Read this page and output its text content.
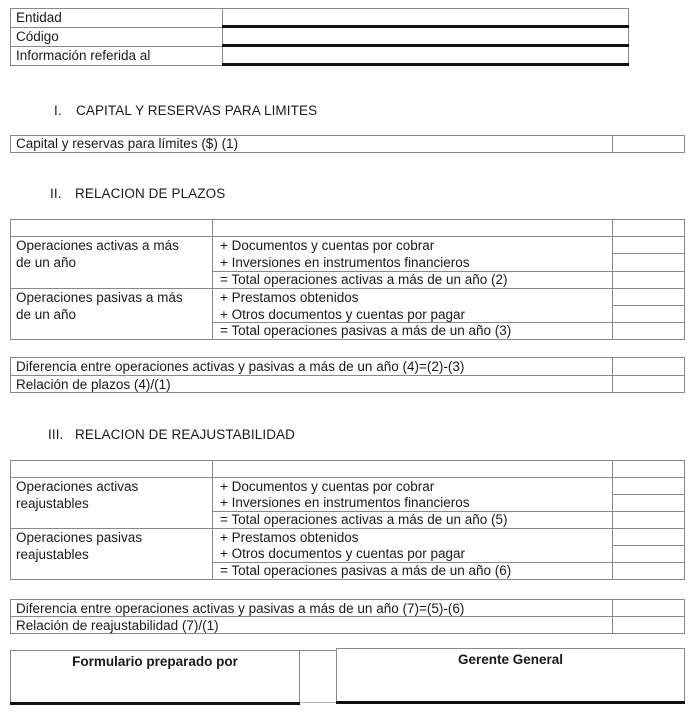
Entidad
Código
Información referida al
I. CAPITAL Y RESERVAS PARA LIMITES
Capital y reservas para límites ($) (1)
II. RELACION DE PLAZOS
Operaciones activas a más
de un año
+ Documentos y cuentas por cobrar
+ Inversiones en instrumentos financieros
= Total operaciones activas a más de un año (2)
Operaciones pasivas a más
de un año
+ Prestamos obtenidos
+ Otros documentos y cuentas por pagar
= Total operaciones pasivas a más de un año (3)
Diferencia entre operaciones activas y pasivas a más de un año (4)=(2)-(3)
Relación de plazos (4)/(1)
III. RELACION DE REAJUSTABILIDAD
Operaciones activas
reajustables
+ Documentos y cuentas por cobrar
+ Inversiones en instrumentos financieros
= Total operaciones activas a más de un año (5)
Operaciones pasivas
reajustables
+ Prestamos obtenidos
+ Otros documentos y cuentas por pagar
= Total operaciones pasivas a más de un año (6)
Diferencia entre operaciones activas y pasivas a más de un año (7)=(5)-(6)
Relación de reajustabilidad (7)/(1)
Formulario preparado por	Gerente General
